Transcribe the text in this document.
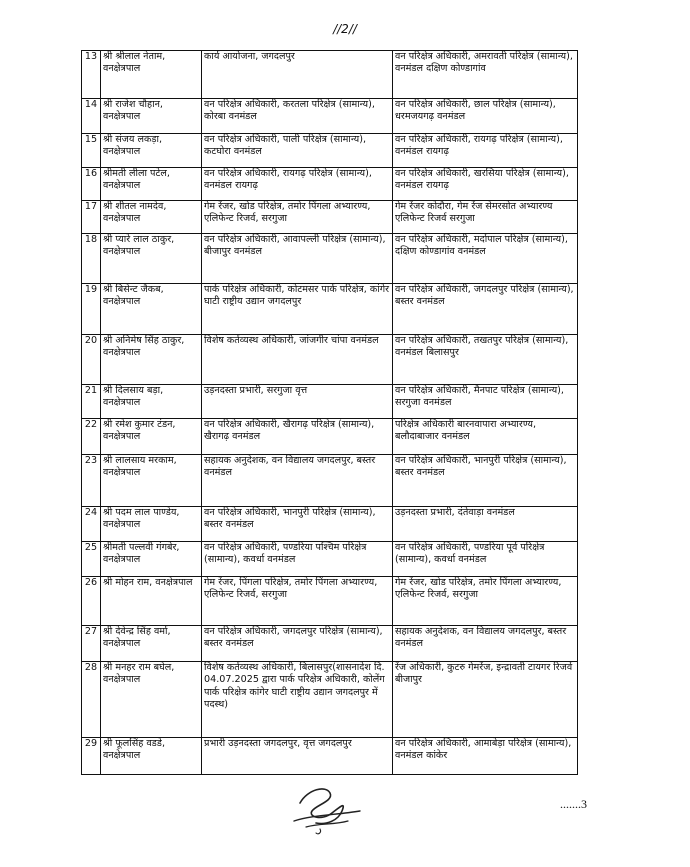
//2//
13	श्री श्रीलाल नेताम, वनक्षेत्रपाल	कार्य आयोजना, जगदलपुर	वन परिक्षेत्र अधिकारी, अमरावती परिक्षेत्र (सामान्य), वनमंडल दक्षिण कोण्डागांव
14	श्री राजेश चौहान, वनक्षेत्रपाल	वन परिक्षेत्र अधिकारी, करतला परिक्षेत्र (सामान्य), कोरबा वनमंडल	वन परिक्षेत्र अधिकारी, छाल परिक्षेत्र (सामान्य), धरमजयगढ़ वनमंडल
15	श्री संजय लकड़ा, वनक्षेत्रपाल	वन परिक्षेत्र अधिकारी, पाली परिक्षेत्र (सामान्य), कटघोरा वनमंडल	वन परिक्षेत्र अधिकारी, रायगढ़ परिक्षेत्र (सामान्य), वनमंडल रायगढ़
16	श्रीमती लीला पटेल, वनक्षेत्रपाल	वन परिक्षेत्र अधिकारी, रायगढ़ परिक्षेत्र (सामान्य), वनमंडल रायगढ़	वन परिक्षेत्र अधिकारी, खरसिया परिक्षेत्र (सामान्य), वनमंडल रायगढ़
17	श्री शीतल नामदेव, वनक्षेत्रपाल	गेम रेंजर, खोड परिक्षेत्र, तमोर पिंगला अभ्यारण्य, एलिफेन्ट रिजर्व, सरगुजा	गेम रेंजर कोदौरा, गेम रेंज सेमरसोत अभ्यारण्य एलिफेन्ट रिजर्व सरगुजा
18	श्री प्यारे लाल ठाकुर, वनक्षेत्रपाल	वन परिक्षेत्र अधिकारी, आवापल्ली परिक्षेत्र (सामान्य), बीजापुर वनमंडल	वन परिक्षेत्र अधिकारी, मर्दापाल परिक्षेत्र (सामान्य), दक्षिण कोण्डागांव वनमंडल
19	श्री बिसेन्ट जैकब, वनक्षेत्रपाल	पार्क परिक्षेत्र अधिकारी, कोटमसर पार्क परिक्षेत्र, कांगेर घाटी राष्ट्रीय उद्यान जगदलपुर	वन परिक्षेत्र अधिकारी, जगदलपुर परिक्षेत्र (सामान्य), बस्तर वनमंडल
20	श्री अनिमेष सिंह ठाकुर, वनक्षेत्रपाल	विशेष कर्तव्यस्थ अधिकारी, जांजगीर चांपा वनमंडल	वन परिक्षेत्र अधिकारी, तखतपुर परिक्षेत्र (सामान्य), वनमंडल बिलासपुर
21	श्री दिलसाय बड़ा, वनक्षेत्रपाल	उड़नदस्ता प्रभारी, सरगुजा वृत्त	वन परिक्षेत्र अधिकारी, मैनपाट परिक्षेत्र (सामान्य), सरगुजा वनमंडल
22	श्री रमेश कुमार टंडन, वनक्षेत्रपाल	वन परिक्षेत्र अधिकारी, खैरागढ़ परिक्षेत्र (सामान्य), खैरागढ़ वनमंडल	परिक्षेत्र अधिकारी बारनवापारा अभ्यारण्य, बलौदाबाजार वनमंडल
23	श्री लालसाय मरकाम, वनक्षेत्रपाल	सहायक अनुदेशक, वन विद्यालय जगदलपुर, बस्तर वनमंडल	वन परिक्षेत्र अधिकारी, भानपुरी परिक्षेत्र (सामान्य), बस्तर वनमंडल
24	श्री पदम लाल पाण्डेय, वनक्षेत्रपाल	वन परिक्षेत्र अधिकारी, भानपुरी परिक्षेत्र (सामान्य), बस्तर वनमंडल	उड़नदस्ता प्रभारी, दंतेवाड़ा वनमंडल
25	श्रीमती पल्लवी गंगबेर, वनक्षेत्रपाल	वन परिक्षेत्र अधिकारी, पण्डरिया पश्चिम परिक्षेत्र (सामान्य), कवर्धा वनमंडल	वन परिक्षेत्र अधिकारी, पण्डरिया पूर्व परिक्षेत्र (सामान्य), कवर्धा वनमंडल
26	श्री मोहन राम, वनक्षेत्रपाल	गेम रेंजर, पिंगला परिक्षेत्र, तमोर पिंगला अभ्यारण्य, एलिफेन्ट रिजर्व, सरगुजा	गेम रेंजर, खोड परिक्षेत्र, तमोर पिंगला अभ्यारण्य, एलिफेन्ट रिजर्व, सरगुजा
27	श्री देवेन्द्र सिंह वर्मा, वनक्षेत्रपाल	वन परिक्षेत्र अधिकारी, जगदलपुर परिक्षेत्र (सामान्य), बस्तर वनमंडल	सहायक अनुदेशक, वन विद्यालय जगदलपुर, बस्तर वनमंडल
28	श्री मनहर राम बघेल, वनक्षेत्रपाल	विशेष कर्तव्यस्थ अधिकारी, बिलासपुर(शासनादेश दि. 04.07.2025 द्वारा पार्क परिक्षेत्र अधिकारी, कोलेंग पार्क परिक्षेत्र कांगेर घाटी राष्ट्रीय उद्यान जगदलपुर में पदस्थ)	रेंज अधिकारी, कुटरु गेमरेंज, इन्द्रावती टायगर रिजर्व बीजापुर
29	श्री फूलसिंह वडडे, वनक्षेत्रपाल	प्रभारी उड़नदस्ता जगदलपुर, वृत्त जगदलपुर	वन परिक्षेत्र अधिकारी, आमाबेड़ा परिक्षेत्र (सामान्य), वनमंडल कांकेर
.......3
